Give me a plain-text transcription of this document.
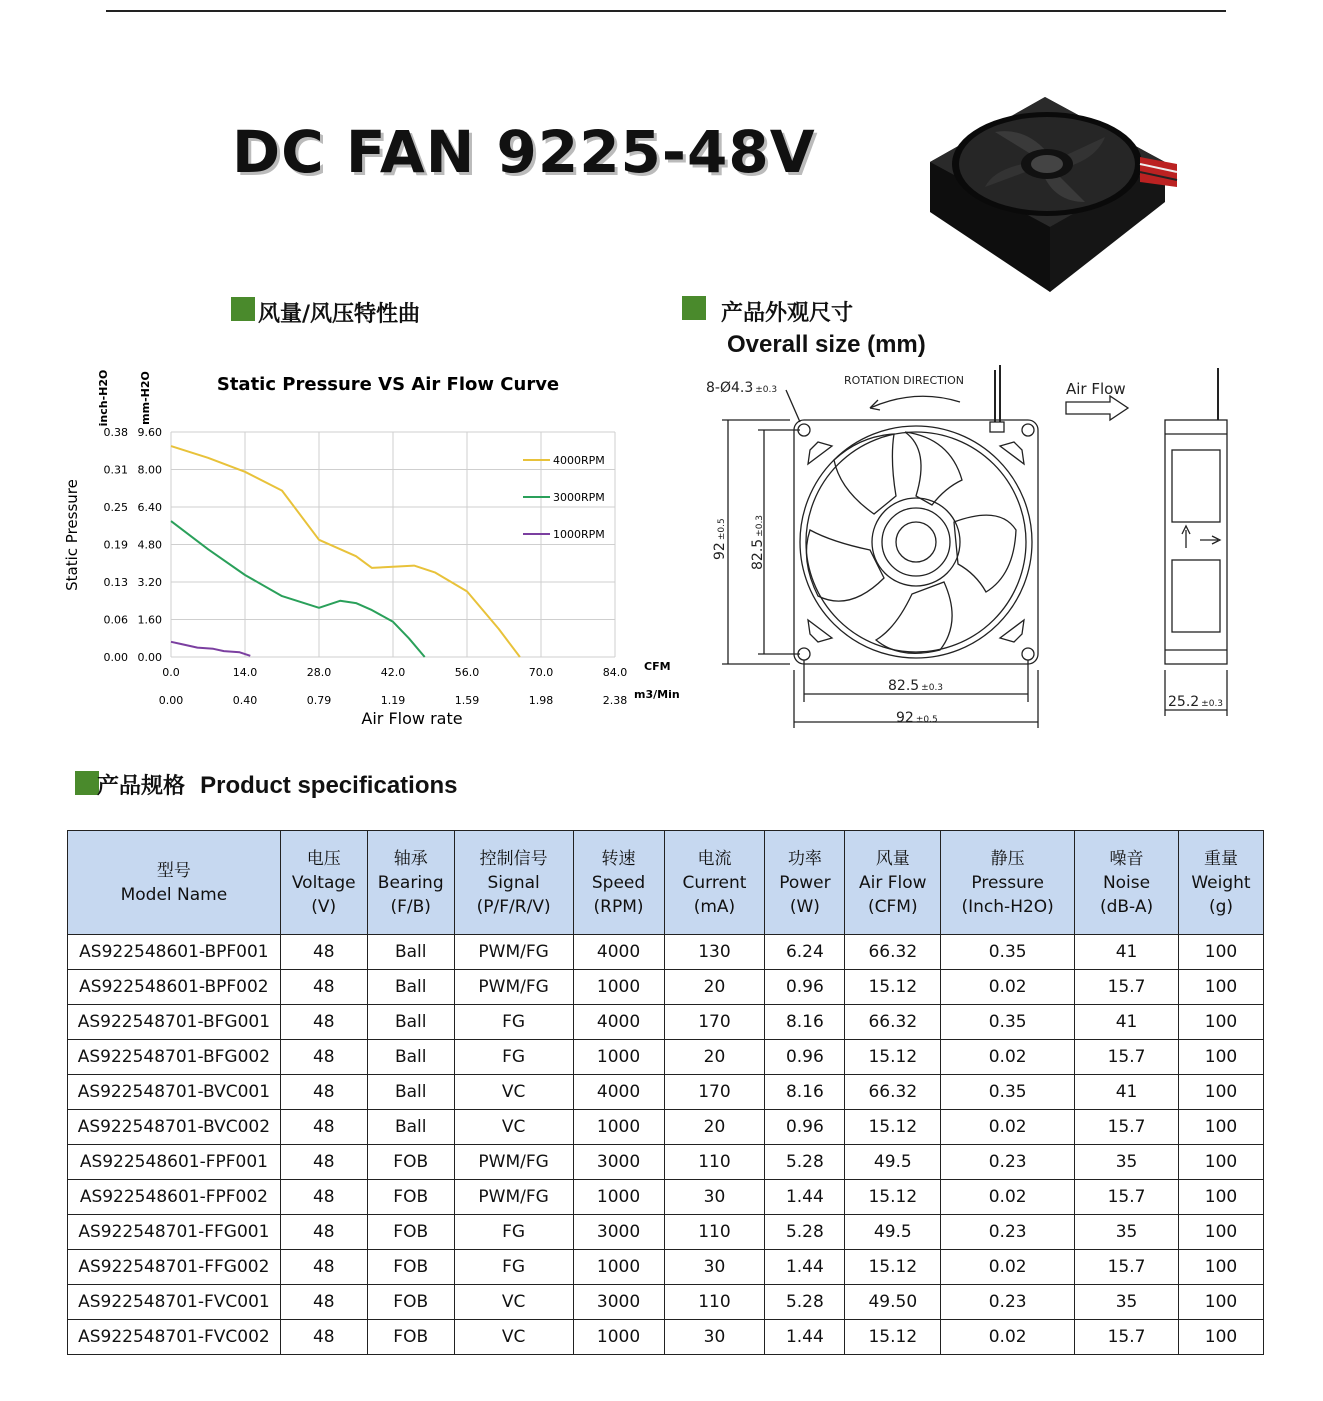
DC FAN 9225-48V
风量/风压特性曲	产品外观尺寸
Overall size (mm)
Static Pressure VS Air Flow Curve
inch-H2O	mm-H2O
Static Pressure
Air Flow rate
CFM
m3/Min
0.0
0.00
14.0
0.40
28.0
0.79
42.0
1.19
56.0
1.59
70.0
1.98
84.0
2.38
0.00 0.00
0.06 1.60
0.13 3.20
0.19 4.80
0.25 6.40
0.31 8.00
0.38 9.60
4000RPM
3000RPM
1000RPM
ROTATION DIRECTION
8-Ø4.3 ±0.3	Air Flow
92±0.5
82.5±0.3
82.5 ±0.3
92 ±0.5
25.2 ±0.3
产品规格 Product specifications
型号
Model Name	电压
Voltage
(V)	轴承
Bearing
(F/B)	控制信号
Signal
(P/F/R/V)	转速
Speed
(RPM)	电流
Current
(mA)	功率
Power
(W)	风量
Air Flow
(CFM)	静压
Pressure
(Inch-H2O)	噪音
Noise
(dB-A)	重量
Weight
(g)

AS922548601-BPF001	48	Ball	PWM/FG	4000	130	6.24	66.32	0.35	41	100
AS922548601-BPF002	48	Ball	PWM/FG	1000	20	0.96	15.12	0.02	15.7	100
AS922548701-BFG001	48	Ball	FG	4000	170	8.16	66.32	0.35	41	100
AS922548701-BFG002	48	Ball	FG	1000	20	0.96	15.12	0.02	15.7	100
AS922548701-BVC001	48	Ball	VC	4000	170	8.16	66.32	0.35	41	100
AS922548701-BVC002	48	Ball	VC	1000	20	0.96	15.12	0.02	15.7	100
AS922548601-FPF001	48	FOB	PWM/FG	3000	110	5.28	49.5	0.23	35	100
AS922548601-FPF002	48	FOB	PWM/FG	1000	30	1.44	15.12	0.02	15.7	100
AS922548701-FFG001	48	FOB	FG	3000	110	5.28	49.5	0.23	35	100
AS922548701-FFG002	48	FOB	FG	1000	30	1.44	15.12	0.02	15.7	100
AS922548701-FVC001	48	FOB	VC	3000	110	5.28	49.50	0.23	35	100
AS922548701-FVC002	48	FOB	VC	1000	30	1.44	15.12	0.02	15.7	100
